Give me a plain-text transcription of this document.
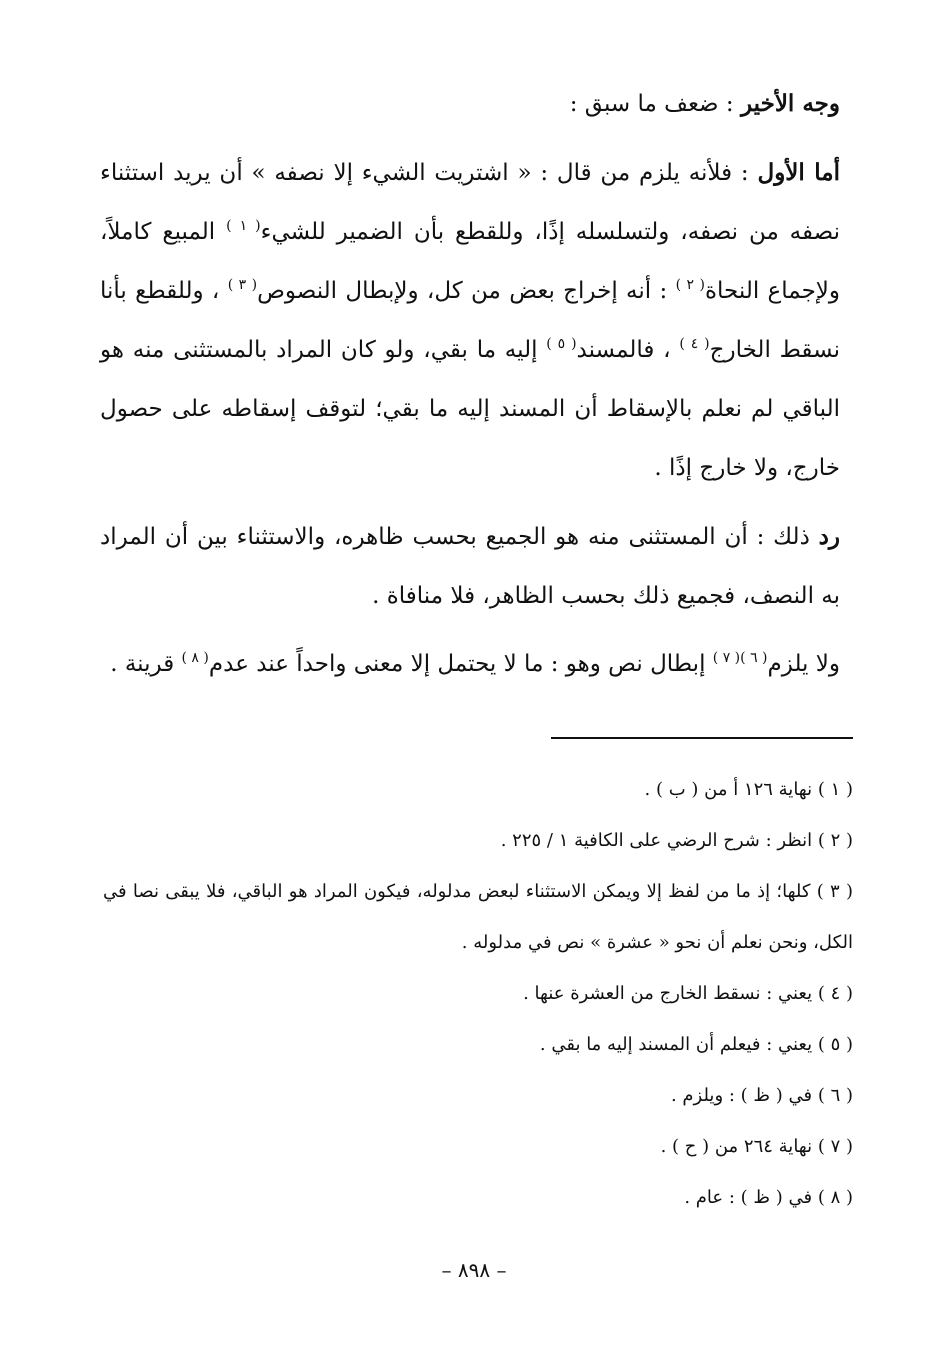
وجه الأخير : ضعف ما سبق :

أما الأول : فلأنه يلزم من قال : « اشتريت الشيء إلا نصفه » أن يريد استثناء نصفه من نصفه، ولتسلسله إذًا، وللقطع بأن الضمير للشيء$^{( ١ )}$ المبيع كاملاً، ولإجماع النحاة$^{( ٢ )}$ : أنه إخراج بعض من كل، ولإبطال النصوص$^{( ٣ )}$ ، وللقطع بأنا نسقط الخارج$^{( ٤ )}$ ، فالمسند$^{( ٥ )}$ إليه ما بقي، ولو كان المراد بالمستثنى منه هو الباقي لم نعلم بالإسقاط أن المسند إليه ما بقي؛ لتوقف إسقاطه على حصول خارج، ولا خارج إذًا .

رد ذلك : أن المستثنى منه هو الجميع بحسب ظاهره، والاستثناء بين أن المراد به النصف، فجميع ذلك بحسب الظاهر، فلا منافاة .

ولا يلزم$^{( ٦ )( ٧ )}$ إبطال نص وهو : ما لا يحتمل إلا معنى واحداً عند عدم$^{( ٨ )}$ قرينة .

( ١ ) نهاية ١٢٦ أ من ( ب ) .

( ٢ ) انظر : شرح الرضي على الكافية ١ / ٢٢٥ .

( ٣ ) كلها؛ إذ ما من لفظ إلا ويمكن الاستثناء لبعض مدلوله، فيكون المراد هو الباقي، فلا يبقى نصا في الكل، ونحن نعلم أن نحو « عشرة » نص في مدلوله .

( ٤ ) يعني : نسقط الخارج من العشرة عنها .

( ٥ ) يعني : فيعلم أن المسند إليه ما بقي .

( ٦ ) في ( ظ ) : ويلزم .

( ٧ ) نهاية ٢٦٤ من ( ح ) .

( ٨ ) في ( ظ ) : عام .

– ٨٩٨ –
